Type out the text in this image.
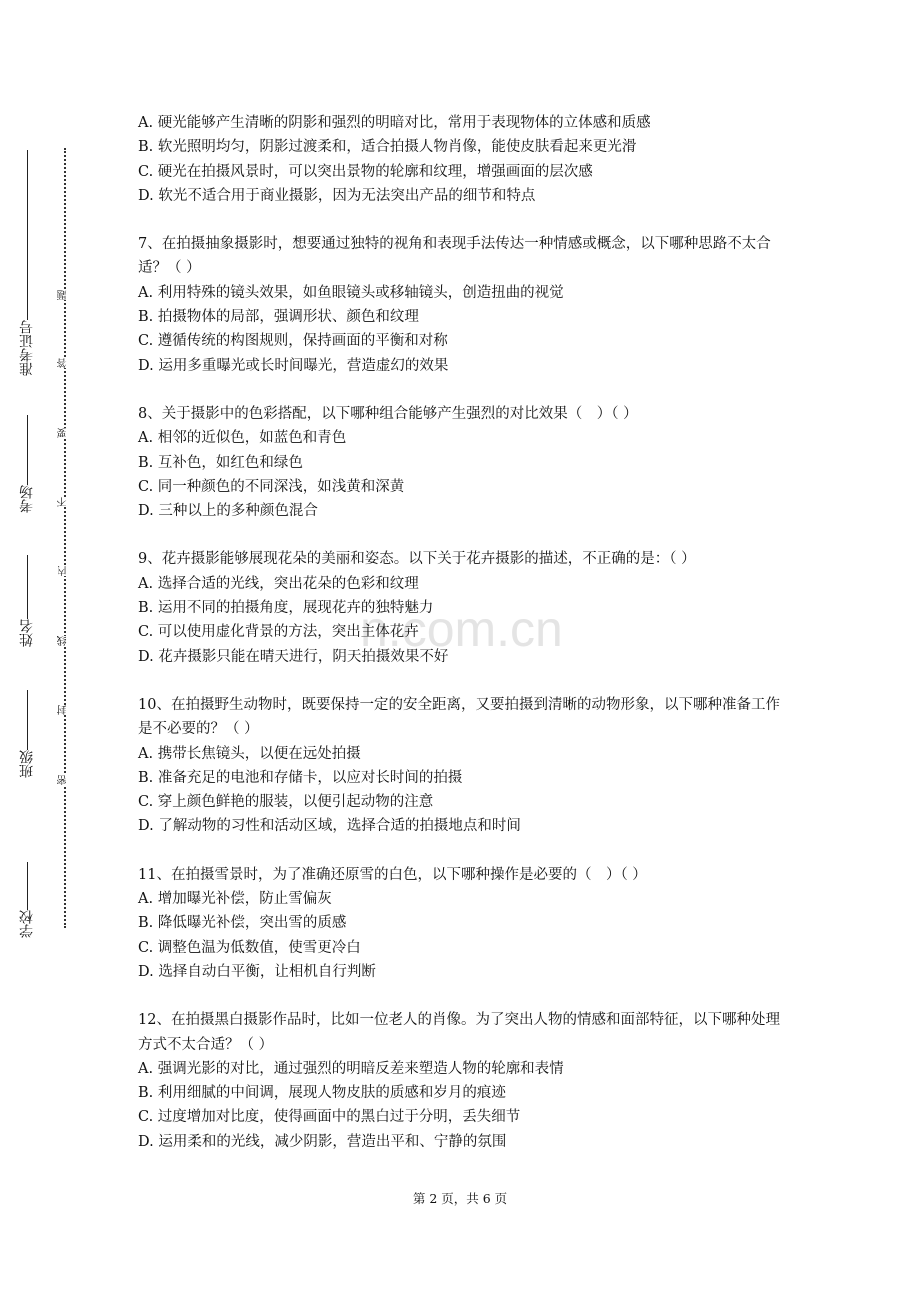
准考证号
考场
姓名
班级
学校
题
答
要
不
内
线
封
密
n.com.cn

A. 硬光能够产生清晰的阴影和强烈的明暗对比，常用于表现物体的立体感和质感

B. 软光照明均匀，阴影过渡柔和，适合拍摄人物肖像，能使皮肤看起来更光滑

C. 硬光在拍摄风景时，可以突出景物的轮廓和纹理，增强画面的层次感

D. 软光不适合用于商业摄影，因为无法突出产品的细节和特点

7、在拍摄抽象摄影时，想要通过独特的视角和表现手法传达一种情感或概念，以下哪种思路不太合适？（ ）

A. 利用特殊的镜头效果，如鱼眼镜头或移轴镜头，创造扭曲的视觉

B. 拍摄物体的局部，强调形状、颜色和纹理

C. 遵循传统的构图规则，保持画面的平衡和对称

D. 运用多重曝光或长时间曝光，营造虚幻的效果

8、关于摄影中的色彩搭配，以下哪种组合能够产生强烈的对比效果（　）（ ）

A. 相邻的近似色，如蓝色和青色

B. 互补色，如红色和绿色

C. 同一种颜色的不同深浅，如浅黄和深黄

D. 三种以上的多种颜色混合

9、花卉摄影能够展现花朵的美丽和姿态。以下关于花卉摄影的描述，不正确的是：（ ）

A. 选择合适的光线，突出花朵的色彩和纹理

B. 运用不同的拍摄角度，展现花卉的独特魅力

C. 可以使用虚化背景的方法，突出主体花卉

D. 花卉摄影只能在晴天进行，阴天拍摄效果不好

10、在拍摄野生动物时，既要保持一定的安全距离，又要拍摄到清晰的动物形象，以下哪种准备工作是不必要的？（ ）

A. 携带长焦镜头，以便在远处拍摄

B. 准备充足的电池和存储卡，以应对长时间的拍摄

C. 穿上颜色鲜艳的服装，以便引起动物的注意

D. 了解动物的习性和活动区域，选择合适的拍摄地点和时间

11、在拍摄雪景时，为了准确还原雪的白色，以下哪种操作是必要的（　）（ ）

A. 增加曝光补偿，防止雪偏灰

B. 降低曝光补偿，突出雪的质感

C. 调整色温为低数值，使雪更冷白

D. 选择自动白平衡，让相机自行判断

12、在拍摄黑白摄影作品时，比如一位老人的肖像。为了突出人物的情感和面部特征，以下哪种处理方式不太合适？（ ）

A. 强调光影的对比，通过强烈的明暗反差来塑造人物的轮廓和表情

B. 利用细腻的中间调，展现人物皮肤的质感和岁月的痕迹

C. 过度增加对比度，使得画面中的黑白过于分明，丢失细节

D. 运用柔和的光线，减少阴影，营造出平和、宁静的氛围

第 2 页，共 6 页
